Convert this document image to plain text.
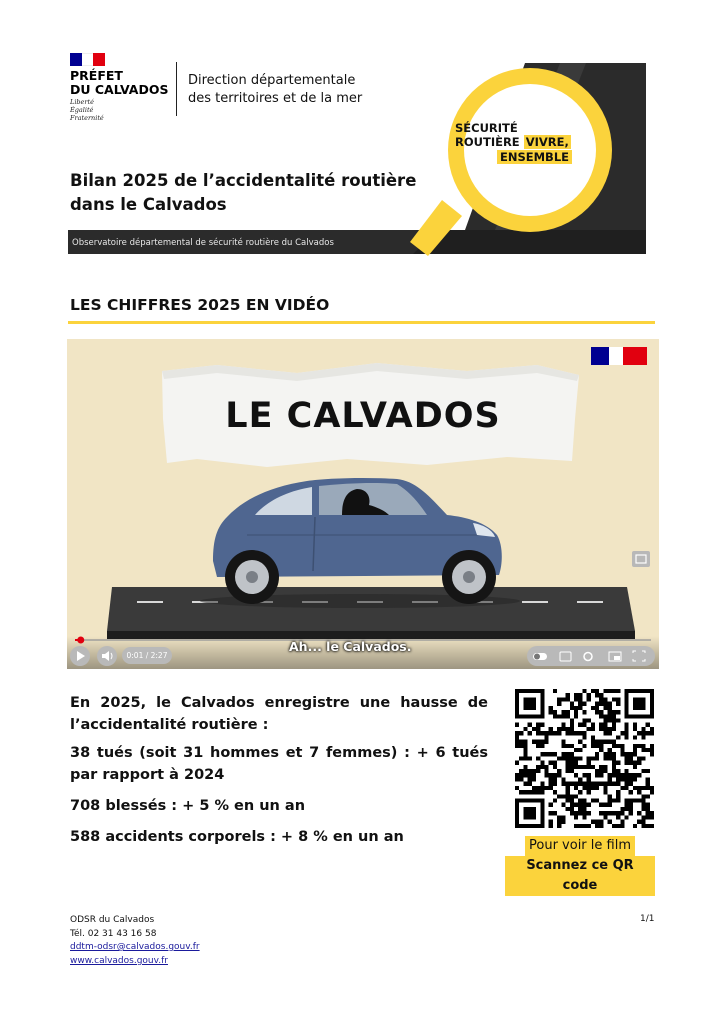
PRÉFET
DU CALVADOS
Liberté
Égalité
Fraternité
Direction départementale
des territoires et de la mer
SÉCURITÉ
ROUTIÈRE VIVRE,
ENSEMBLE
Bilan 2025 de l’accidentalité routière
dans le Calvados
Observatoire départemental de sécurité routière du Calvados
LES CHIFFRES 2025 EN VIDÉO
LE CALVADOS
0:01 / 2:27
Ah... le Calvados.

En 2025, le Calvados enregistre une hausse de l’accidentalité routière :

38 tués (soit 31 hommes et 7 femmes) : + 6 tués par rapport à 2024

708 blessés : + 5 % en un an

588 accidents corporels : + 8 % en un an

Pour voir le film
Scannez ce QR code
ODSR du Calvados
Tél. 02 31 43 16 58
ddtm-odsr@calvados.gouv.fr
www.calvados.gouv.fr
1/1
